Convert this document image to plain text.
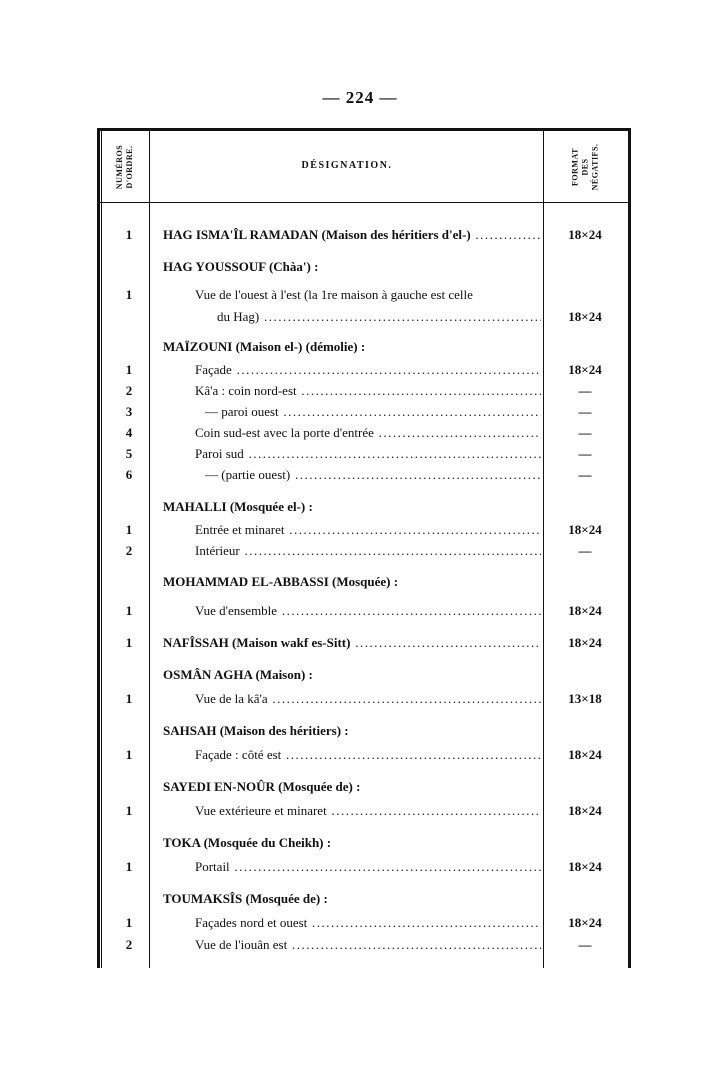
— 224 —
NUMÉROS D'ORDRE.	DÉSIGNATION.	FORMAT DES NÉGATIFS.
1 HAG ISMA'ÎL RAMADAN (Maison des héritiers d'el-) .....	18×24
HAG YOUSSOUF (Chàa') :
1	Vue de l'ouest à l'est (la 1re maison à gauche est celle
du Hag) .....	18×24
MAÏZOUNI (Maison el-) (démolie) :
1	Façade .....	18×24
2	Kâ'a : coin nord-est .....	—
3	— paroi ouest .....	—
4	Coin sud-est avec la porte d'entrée .....	—
5	Paroi sud .....	—
6	— (partie ouest) .....	—
MAHALLI (Mosquée el-) :
1	Entrée et minaret .....	18×24
2	Intérieur .....	—
MOHAMMAD EL-ABBASSI (Mosquée) :
1	Vue d'ensemble .....	18×24
1 NAFÎSSAH (Maison wakf es-Sitt) .....	18×24
OSMÂN AGHA (Maison) :
1	Vue de la kâ'a .....	13×18
SAHSAH (Maison des héritiers) :
1	Façade : côté est .....	18×24
SAYEDI EN-NOÛR (Mosquée de) :
1	Vue extérieure et minaret .....	18×24
TOKA (Mosquée du Cheikh) :
1	Portail .....	18×24
TOUMAKSÎS (Mosquée de) :
1	Façades nord et ouest .....	18×24
2	Vue de l'iouân est .....	—
